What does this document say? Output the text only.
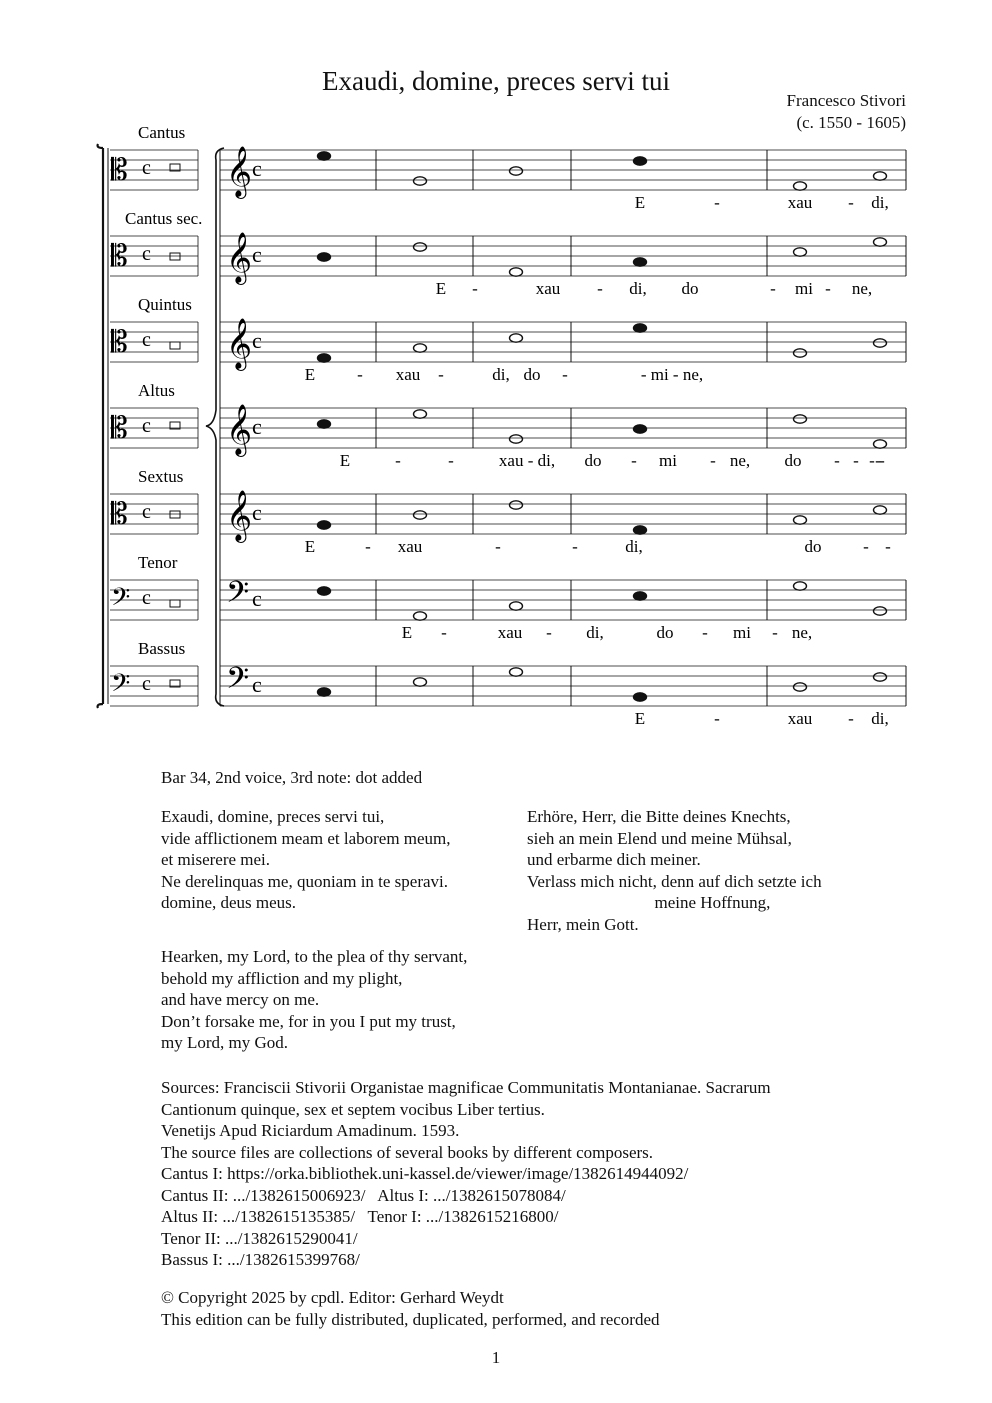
Exaudi, domine, preces servi tui
Francesco Stivori
(c. 1550 - 1605)
Cantus
𝄡 c 𝄞 c
E	-	xau - di,
Cantus sec.
𝄡 c 𝄞 c
E -	xau - di, do	- mi - ne,
Quintus
𝄡 c 𝄞 c
E - xau -	di, do -	- mi - ne,
Altus
𝄡 c 𝄞 c
E	-	-	xau - di, do - mi - ne, do - - - -
-
Sextus
𝄡 c 𝄞 c
E	- xau	-	-	di,	do - -
Tenor
𝄢 c 𝄢 c
E -	xau - di,	do - mi - ne,
Bassus
𝄢 c 𝄢 c
E	-	xau - di,
Bar 34, 2nd voice, 3rd note: dot added
Exaudi, domine, preces servi tui,
vide afflictionem meam et laborem meum,
et miserere mei.
Ne derelinquas me, quoniam in te speravi.
domine, deus meus.
Erhöre, Herr, die Bitte deines Knechts,
sieh an mein Elend und meine Mühsal,
und erbarme dich meiner.
Verlass mich nicht, denn auf dich setzte ich
meine Hoffnung,
Herr, mein Gott.
Hearken, my Lord, to the plea of thy servant,
behold my affliction and my plight,
and have mercy on me.
Don’t forsake me, for in you I put my trust,
my Lord, my God.
Sources: Franciscii Stivorii Organistae magnificae Communitatis Montanianae. Sacrarum
Cantionum quinque, sex et septem vocibus Liber tertius.
Venetijs Apud Riciardum Amadinum. 1593.
The source files are collections of several books by different composers.
Cantus I: https://orka.bibliothek.uni-kassel.de/viewer/image/1382614944092/
Cantus II: .../1382615006923/   Altus I: .../1382615078084/
Altus II: .../1382615135385/   Tenor I: .../1382615216800/
Tenor II: .../1382615290041/
Bassus I: .../1382615399768/
© Copyright 2025 by cpdl. Editor: Gerhard Weydt
This edition can be fully distributed, duplicated, performed, and recorded
1
